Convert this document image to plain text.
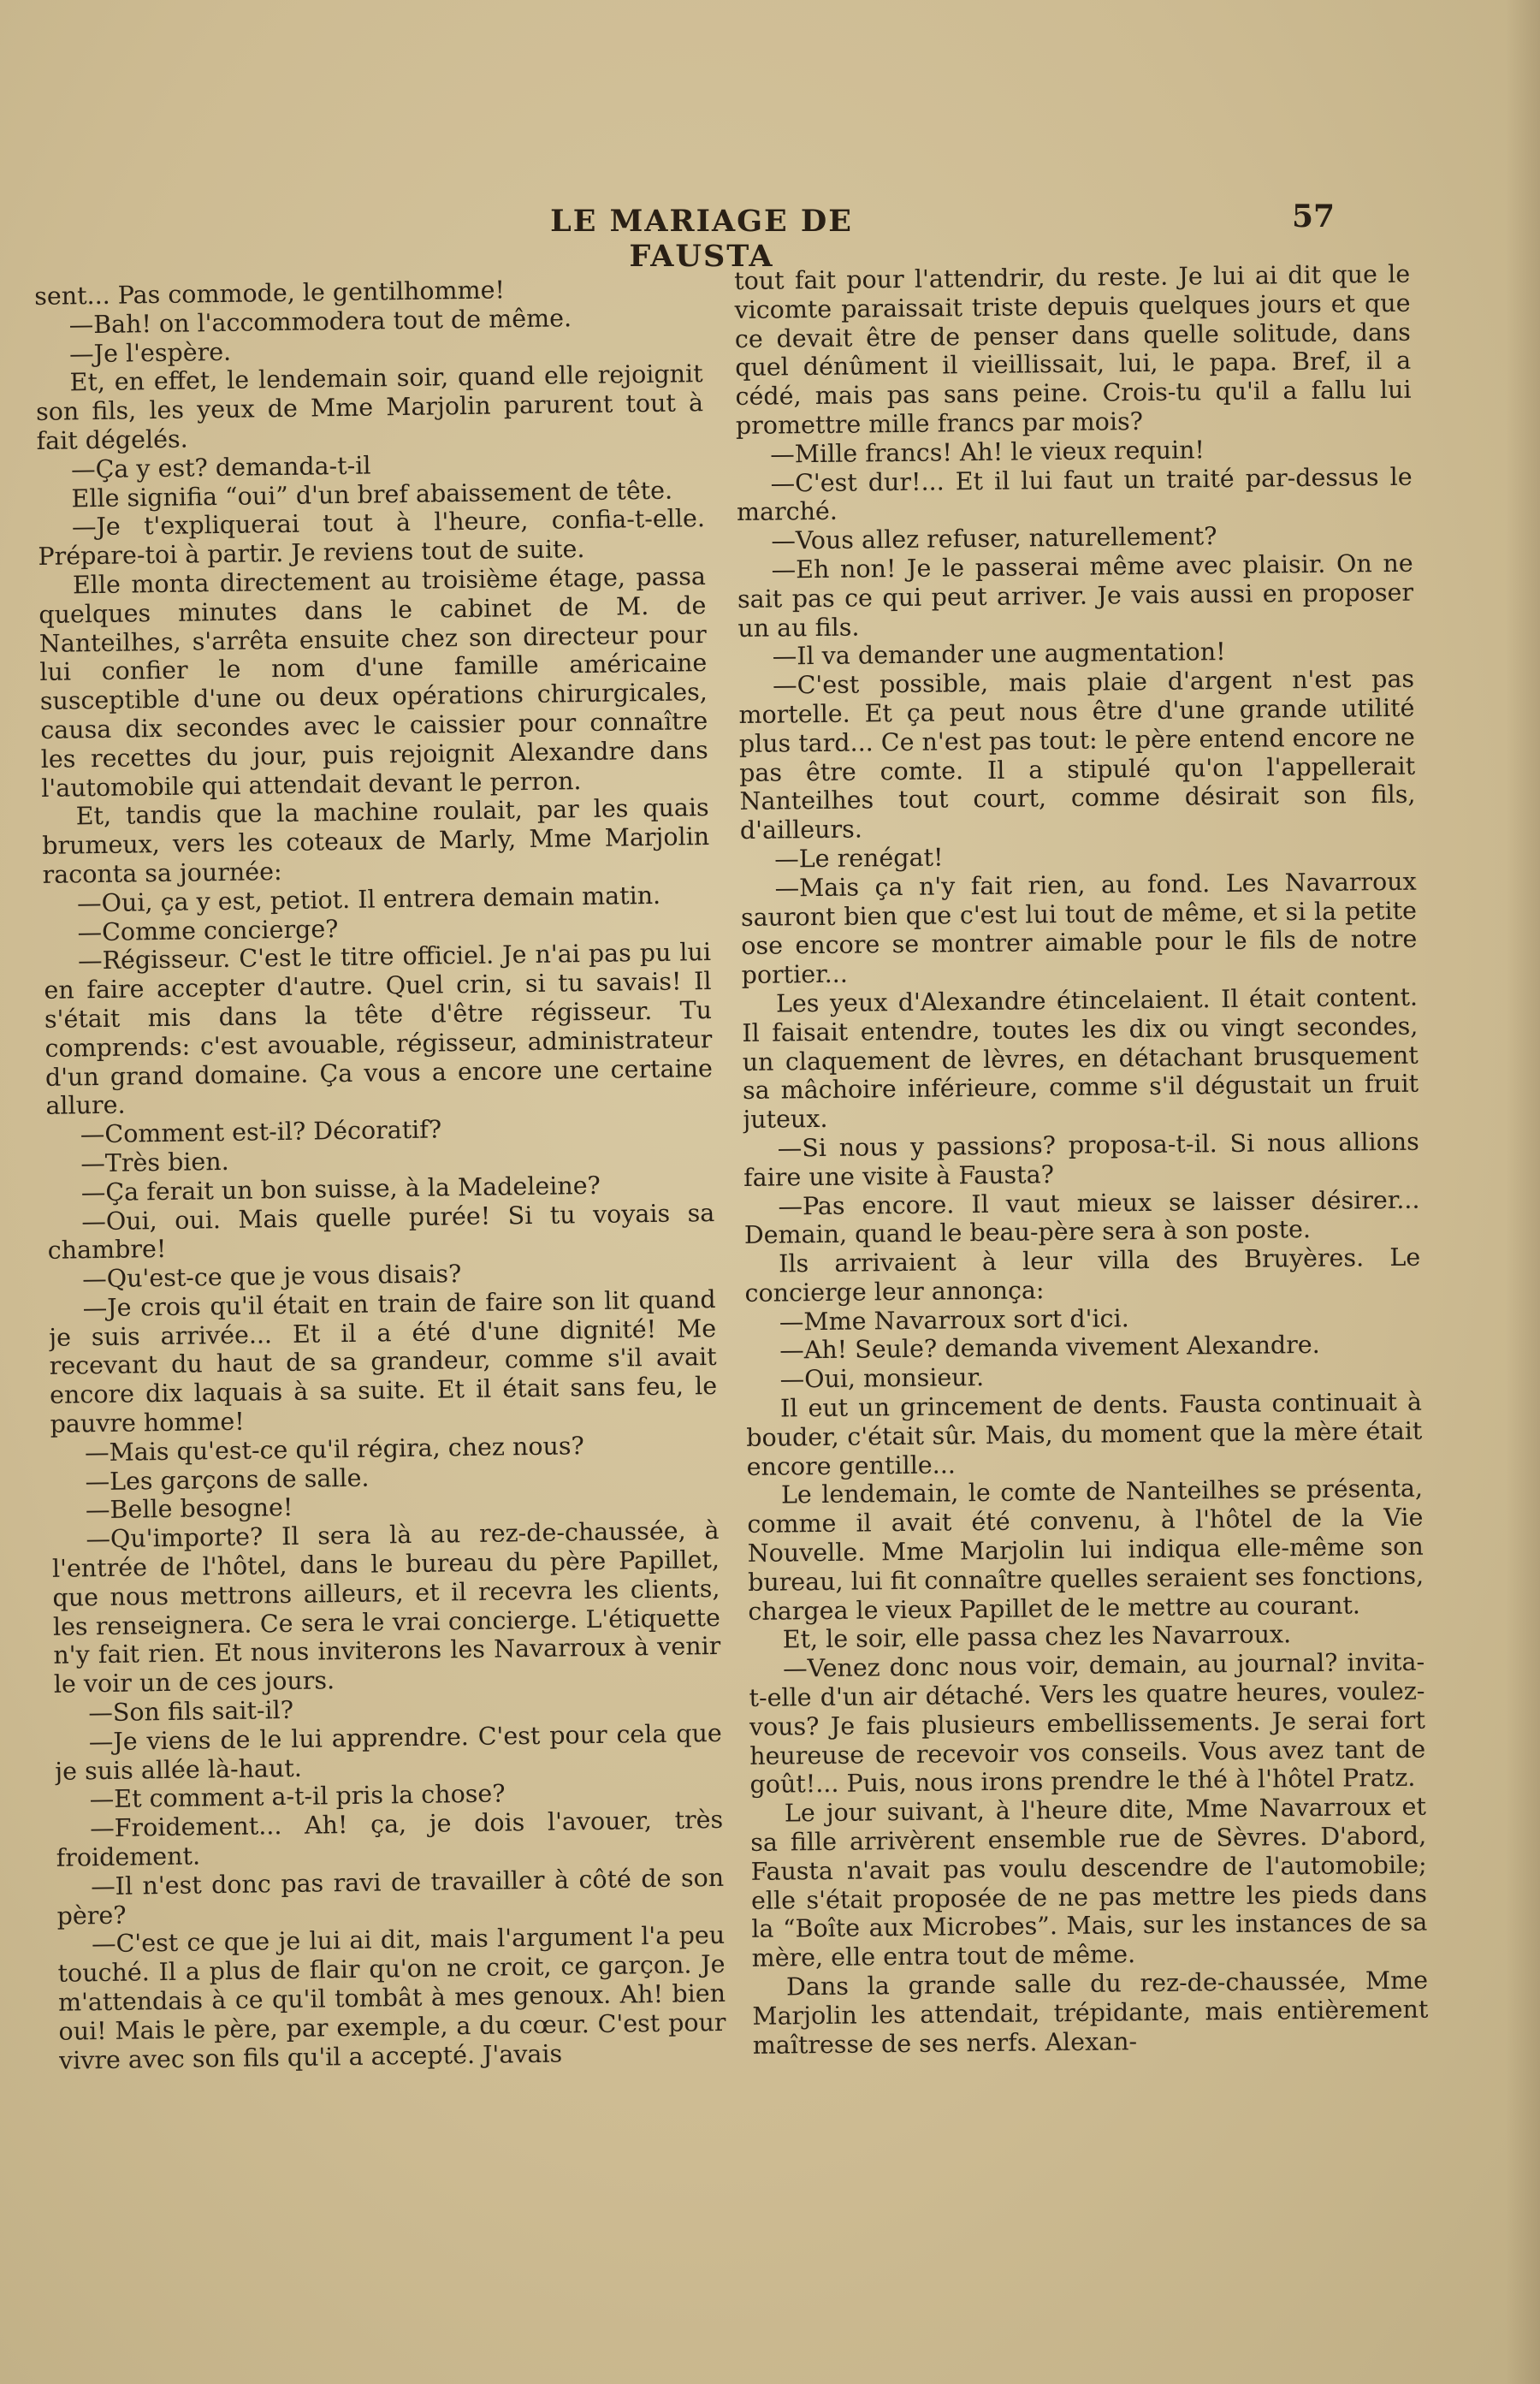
LE MARIAGE DE FAUSTA
57

sent... Pas commode, le gentilhomme!

—Bah! on l'accommodera tout de même.

—Je l'espère.

Et, en effet, le lendemain soir, quand elle rejoignit son fils, les yeux de Mme Marjolin parurent tout à fait dégelés.

—Ça y est? demanda-t-il

Elle signifia “oui” d'un bref abaissement de tête.

—Je t'expliquerai tout à l'heure, confia-t-elle. Prépare-toi à partir. Je reviens tout de suite.

Elle monta directement au troisième étage, passa quelques minutes dans le cabinet de M. de Nanteilhes, s'arrêta ensuite chez son directeur pour lui confier le nom d'une famille américaine susceptible d'une ou deux opérations chirurgicales, causa dix secondes avec le caissier pour connaître les recettes du jour, puis rejoignit Alexandre dans l'automobile qui attendait devant le perron.

Et, tandis que la machine roulait, par les quais brumeux, vers les coteaux de Marly, Mme Marjolin raconta sa journée:

—Oui, ça y est, petiot. Il entrera demain matin.

—Comme concierge?

—Régisseur. C'est le titre officiel. Je n'ai pas pu lui en faire accepter d'autre. Quel crin, si tu savais! Il s'était mis dans la tête d'être régisseur. Tu comprends: c'est avouable, régisseur, administrateur d'un grand domaine. Ça vous a encore une certaine allure.

—Comment est-il? Décoratif?

—Très bien.

—Ça ferait un bon suisse, à la Madeleine?

—Oui, oui. Mais quelle purée! Si tu voyais sa chambre!

—Qu'est-ce que je vous disais?

—Je crois qu'il était en train de faire son lit quand je suis arrivée... Et il a été d'une dignité! Me recevant du haut de sa grandeur, comme s'il avait encore dix laquais à sa suite. Et il était sans feu, le pauvre homme!

—Mais qu'est-ce qu'il régira, chez nous?

—Les garçons de salle.

—Belle besogne!

—Qu'importe? Il sera là au rez-de-chaussée, à l'entrée de l'hôtel, dans le bureau du père Papillet, que nous mettrons ailleurs, et il recevra les clients, les renseignera. Ce sera le vrai concierge. L'étiquette n'y fait rien. Et nous inviterons les Navarroux à venir le voir un de ces jours.

—Son fils sait-il?

—Je viens de le lui apprendre. C'est pour cela que je suis allée là-haut.

—Et comment a-t-il pris la chose?

—Froidement... Ah! ça, je dois l'avouer, très froidement.

—Il n'est donc pas ravi de travailler à côté de son père?

—C'est ce que je lui ai dit, mais l'argument l'a peu touché. Il a plus de flair qu'on ne croit, ce garçon. Je m'attendais à ce qu'il tombât à mes genoux. Ah! bien oui! Mais le père, par exemple, a du cœur. C'est pour vivre avec son fils qu'il a accepté. J'avais

tout fait pour l'attendrir, du reste. Je lui ai dit que le vicomte paraissait triste depuis quelques jours et que ce devait être de penser dans quelle solitude, dans quel dénûment il vieillissait, lui, le papa. Bref, il a cédé, mais pas sans peine. Crois-tu qu'il a fallu lui promettre mille francs par mois?

—Mille francs! Ah! le vieux requin!

—C'est dur!... Et il lui faut un traité par-dessus le marché.

—Vous allez refuser, naturellement?

—Eh non! Je le passerai même avec plaisir. On ne sait pas ce qui peut arriver. Je vais aussi en proposer un au fils.

—Il va demander une augmentation!

—C'est possible, mais plaie d'argent n'est pas mortelle. Et ça peut nous être d'une grande utilité plus tard... Ce n'est pas tout: le père entend encore ne pas être comte. Il a stipulé qu'on l'appellerait Nanteilhes tout court, comme désirait son fils, d'ailleurs.

—Le renégat!

—Mais ça n'y fait rien, au fond. Les Navarroux sauront bien que c'est lui tout de même, et si la petite ose encore se montrer aimable pour le fils de notre portier...

Les yeux d'Alexandre étincelaient. Il était content. Il faisait entendre, toutes les dix ou vingt secondes, un claquement de lèvres, en détachant brusquement sa mâchoire inférieure, comme s'il dégustait un fruit juteux.

—Si nous y passions? proposa-t-il. Si nous allions faire une visite à Fausta?

—Pas encore. Il vaut mieux se laisser désirer... Demain, quand le beau-père sera à son poste.

Ils arrivaient à leur villa des Bruyères. Le concierge leur annonça:

—Mme Navarroux sort d'ici.

—Ah! Seule? demanda vivement Alexandre.

—Oui, monsieur.

Il eut un grincement de dents. Fausta continuait à bouder, c'était sûr. Mais, du moment que la mère était encore gentille...

Le lendemain, le comte de Nanteilhes se présenta, comme il avait été convenu, à l'hôtel de la Vie Nouvelle. Mme Marjolin lui indiqua elle-même son bureau, lui fit connaître quelles seraient ses fonctions, chargea le vieux Papillet de le mettre au courant.

Et, le soir, elle passa chez les Navarroux.

—Venez donc nous voir, demain, au journal? invita-t-elle d'un air détaché. Vers les quatre heures, voulez-vous? Je fais plusieurs embellissements. Je serai fort heureuse de recevoir vos conseils. Vous avez tant de goût!... Puis, nous irons prendre le thé à l'hôtel Pratz.

Le jour suivant, à l'heure dite, Mme Navarroux et sa fille arrivèrent ensemble rue de Sèvres. D'abord, Fausta n'avait pas voulu descendre de l'automobile; elle s'était proposée de ne pas mettre les pieds dans la “Boîte aux Microbes”. Mais, sur les instances de sa mère, elle entra tout de même.

Dans la grande salle du rez-de-chaussée, Mme Marjolin les attendait, trépidante, mais entièrement maîtresse de ses nerfs. Alexan-
